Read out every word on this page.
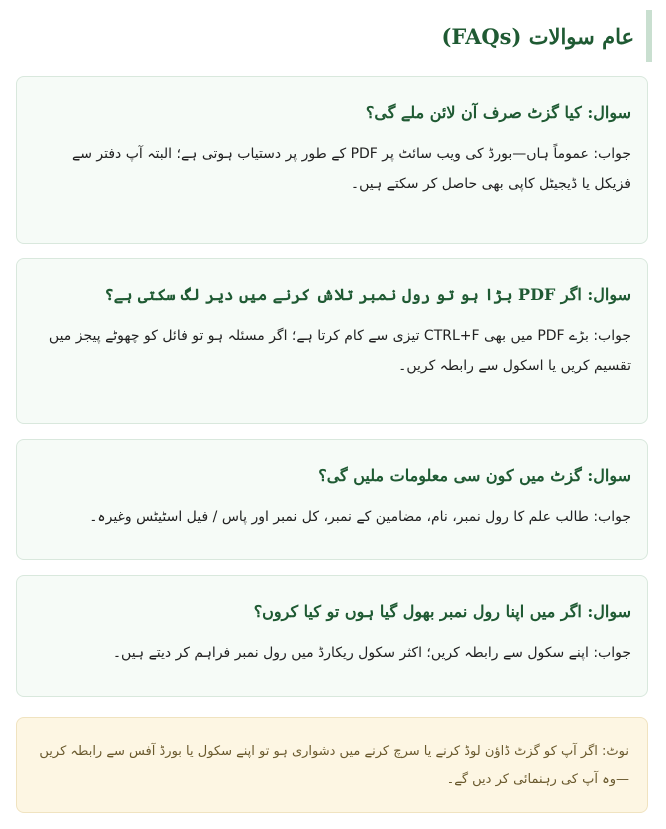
عام سوالات (FAQs)
سوال: کیا گزٹ صرف آن لائن ملے گی؟

جواب: عموماً ہاں—بورڈ کی ویب سائٹ پر PDF کے طور پر دستیاب ہوتی ہے؛ البتہ آپ دفتر سے فزیکل یا ڈیجیٹل کاپی بھی حاصل کر سکتے ہیں۔

سوال: اگر PDF بڑا ہو تو رول نمبر تلاش کرنے میں دیر لگ سکتی ہے؟

جواب: بڑے PDF میں بھی CTRL+F تیزی سے کام کرتا ہے؛ اگر مسئلہ ہو تو فائل کو چھوٹے پیجز میں تقسیم کریں یا اسکول سے رابطہ کریں۔

سوال: گزٹ میں کون سی معلومات ملیں گی؟

جواب: طالب علم کا رول نمبر، نام، مضامین کے نمبر، کل نمبر اور پاس / فیل اسٹیٹس وغیرہ۔

سوال: اگر میں اپنا رول نمبر بھول گیا ہوں تو کیا کروں؟

جواب: اپنے سکول سے رابطہ کریں؛ اکثر سکول ریکارڈ میں رول نمبر فراہم کر دیتے ہیں۔

نوٹ: اگر آپ کو گزٹ ڈاؤن لوڈ کرنے یا سرچ کرنے میں دشواری ہو تو اپنے سکول یا بورڈ آفس سے رابطہ کریں—وہ آپ کی رہنمائی کر دیں گے۔
